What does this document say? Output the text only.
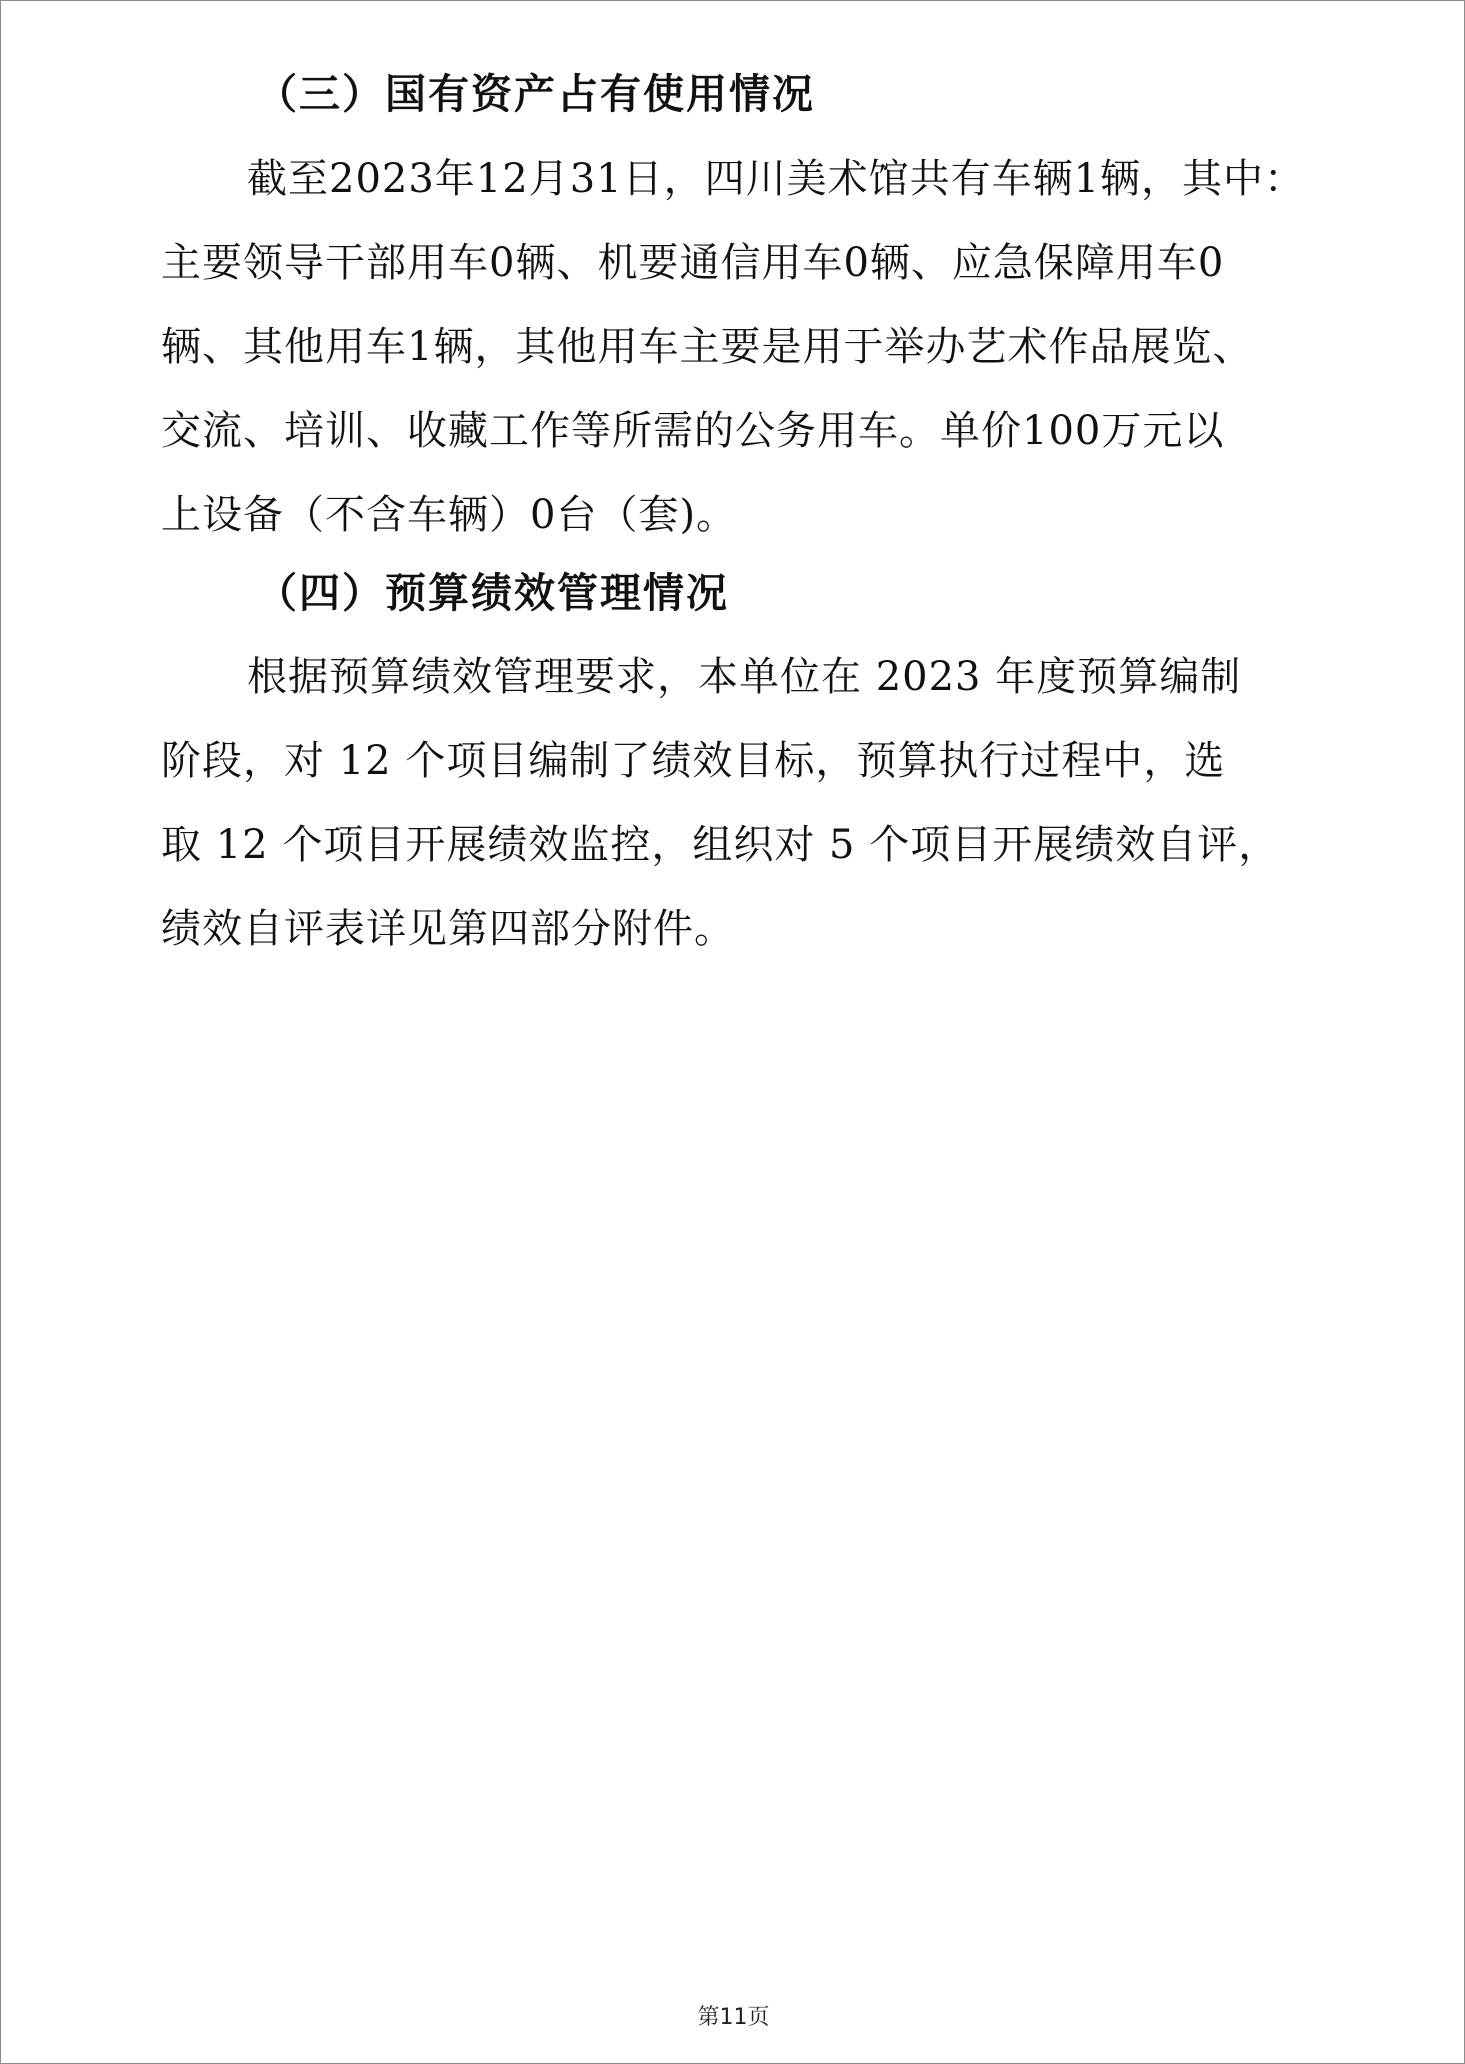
（三）国有资产占有使用情况
截至2023年12月31日，四川美术馆共有车辆1辆，其中：
主要领导干部用车0辆、机要通信用车0辆、应急保障用车0
辆、其他用车1辆，其他用车主要是用于举办艺术作品展览、
交流、培训、收藏工作等所需的公务用车。单价100万元以
上设备（不含车辆）0台（套)。
（四）预算绩效管理情况
根据预算绩效管理要求，本单位在 2023 年度预算编制
阶段，对 12 个项目编制了绩效目标，预算执行过程中，选
取 12 个项目开展绩效监控，组织对 5 个项目开展绩效自评，
绩效自评表详见第四部分附件。
第11页
